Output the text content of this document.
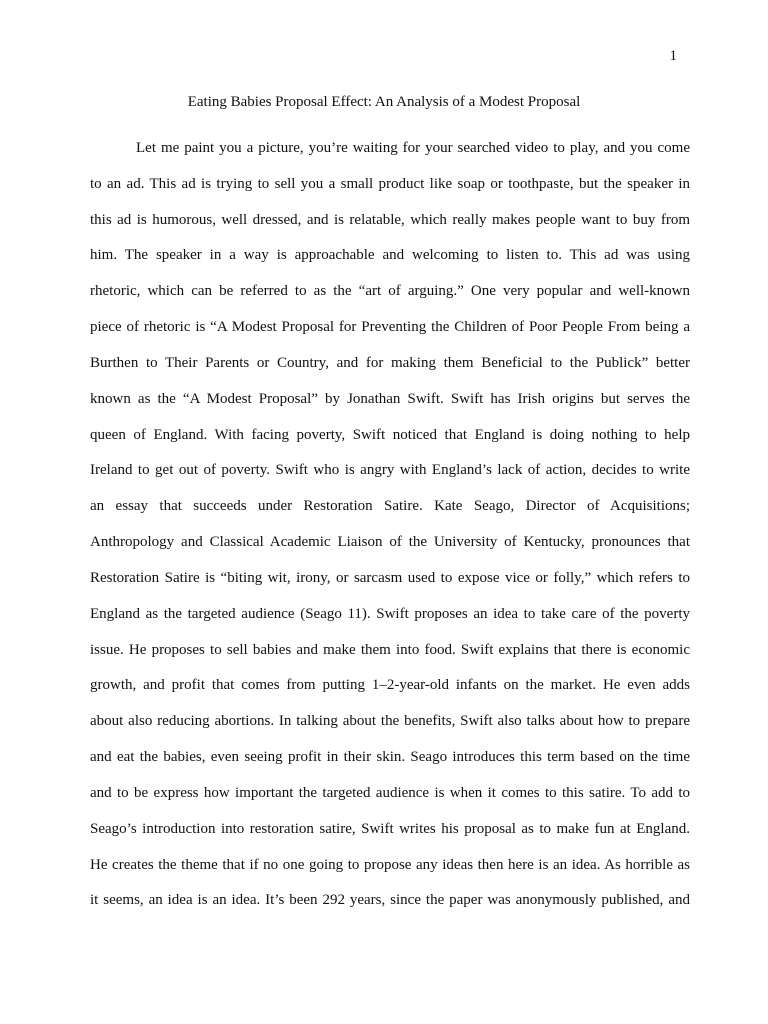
1
Eating Babies Proposal Effect: An Analysis of a Modest Proposal
Let me paint you a picture, you’re waiting for your searched video to play, and you come
to an ad. This ad is trying to sell you a small product like soap or toothpaste, but the speaker in
this ad is humorous, well dressed, and is relatable, which really makes people want to buy from
him. The speaker in a way is approachable and welcoming to listen to. This ad was using
rhetoric, which can be referred to as the “art of arguing.” One very popular and well-known
piece of rhetoric is “A Modest Proposal for Preventing the Children of Poor People From being a
Burthen to Their Parents or Country, and for making them Beneficial to the Publick” better
known as the “A Modest Proposal” by Jonathan Swift. Swift has Irish origins but serves the
queen of England. With facing poverty, Swift noticed that England is doing nothing to help
Ireland to get out of poverty. Swift who is angry with England’s lack of action, decides to write
an essay that succeeds under Restoration Satire. Kate Seago, Director of Acquisitions;
Anthropology and Classical Academic Liaison of the University of Kentucky, pronounces that
Restoration Satire is “biting wit, irony, or sarcasm used to expose vice or folly,” which refers to
England as the targeted audience (Seago 11). Swift proposes an idea to take care of the poverty
issue. He proposes to sell babies and make them into food. Swift explains that there is economic
growth, and profit that comes from putting 1–2-year-old infants on the market. He even adds
about also reducing abortions. In talking about the benefits, Swift also talks about how to prepare
and eat the babies, even seeing profit in their skin. Seago introduces this term based on the time
and to be express how important the targeted audience is when it comes to this satire. To add to
Seago’s introduction into restoration satire, Swift writes his proposal as to make fun at England.
He creates the theme that if no one going to propose any ideas then here is an idea. As horrible as
it seems, an idea is an idea. It’s been 292 years, since the paper was anonymously published, and
